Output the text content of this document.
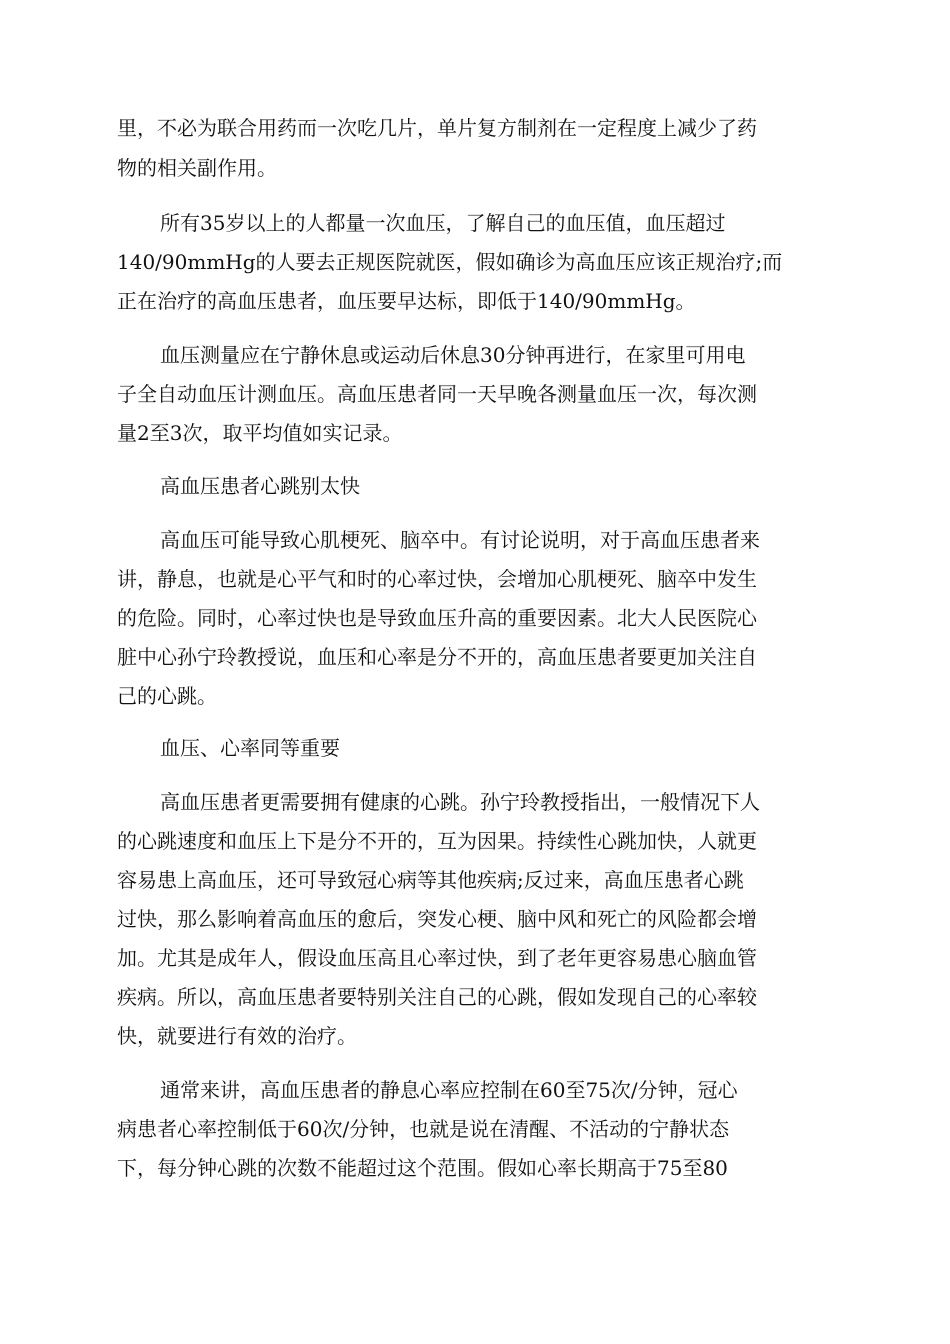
里，不必为联合用药而一次吃几片，单片复方制剂在一定程度上减少了药

物的相关副作用。

所有35岁以上的人都量一次血压，了解自己的血压值，血压超过

140/90mmHg的人要去正规医院就医，假如确诊为高血压应该正规治疗;而

正在治疗的高血压患者，血压要早达标，即低于140/90mmHg。

血压测量应在宁静休息或运动后休息30分钟再进行，在家里可用电

子全自动血压计测血压。高血压患者同一天早晚各测量血压一次，每次测

量2至3次，取平均值如实记录。

高血压患者心跳别太快

高血压可能导致心肌梗死、脑卒中。有讨论说明，对于高血压患者来

讲，静息，也就是心平气和时的心率过快，会增加心肌梗死、脑卒中发生

的危险。同时，心率过快也是导致血压升高的重要因素。北大人民医院心

脏中心孙宁玲教授说，血压和心率是分不开的，高血压患者要更加关注自

己的心跳。

血压、心率同等重要

高血压患者更需要拥有健康的心跳。孙宁玲教授指出，一般情况下人

的心跳速度和血压上下是分不开的，互为因果。持续性心跳加快，人就更

容易患上高血压，还可导致冠心病等其他疾病;反过来，高血压患者心跳

过快，那么影响着高血压的愈后，突发心梗、脑中风和死亡的风险都会增

加。尤其是成年人，假设血压高且心率过快，到了老年更容易患心脑血管

疾病。所以，高血压患者要特别关注自己的心跳，假如发现自己的心率较

快，就要进行有效的治疗。

通常来讲，高血压患者的静息心率应控制在60至75次/分钟，冠心

病患者心率控制低于60次/分钟，也就是说在清醒、不活动的宁静状态

下，每分钟心跳的次数不能超过这个范围。假如心率长期高于75至80
